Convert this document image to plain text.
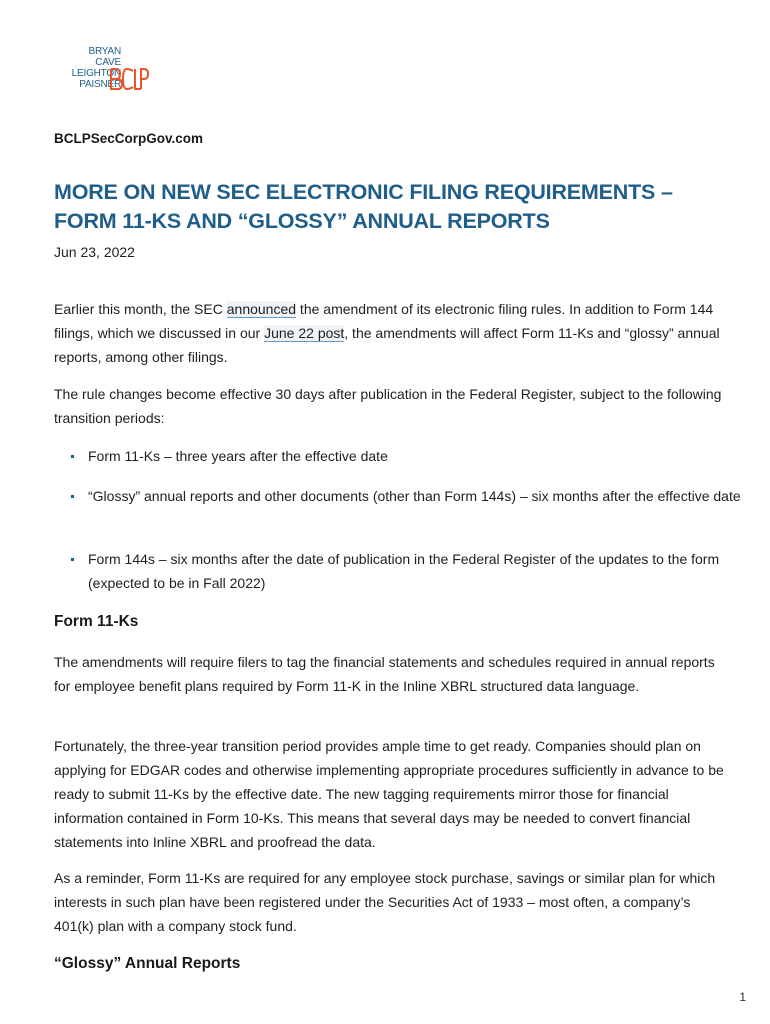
BRYAN
CAVE
LEIGHTON
PAISNER
BCLPSecCorpGov.com
MORE ON NEW SEC ELECTRONIC FILING REQUIREMENTS – FORM 11-KS AND “GLOSSY” ANNUAL REPORTS
Jun 23, 2022

Earlier this month, the SEC announced the amendment of its electronic filing rules. In addition to Form 144 filings, which we discussed in our June 22 post, the amendments will affect Form 11-Ks and “glossy” annual reports, among other filings.

The rule changes become effective 30 days after publication in the Federal Register, subject to the following transition periods:

Form 11-Ks – three years after the effective date
“Glossy” annual reports and other documents (other than Form 144s) – six months after the effective date
Form 144s – six months after the date of publication in the Federal Register of the updates to the form (expected to be in Fall 2022)
Form 11-Ks

The amendments will require filers to tag the financial statements and schedules required in annual reports for employee benefit plans required by Form 11-K in the Inline XBRL structured data language.

Fortunately, the three-year transition period provides ample time to get ready. Companies should plan on applying for EDGAR codes and otherwise implementing appropriate procedures sufficiently in advance to be ready to submit 11-Ks by the effective date. The new tagging requirements mirror those for financial information contained in Form 10-Ks. This means that several days may be needed to convert financial statements into Inline XBRL and proofread the data.

As a reminder, Form 11-Ks are required for any employee stock purchase, savings or similar plan for which interests in such plan have been registered under the Securities Act of 1933 – most often, a company’s 401(k) plan with a company stock fund.

“Glossy” Annual Reports
1
